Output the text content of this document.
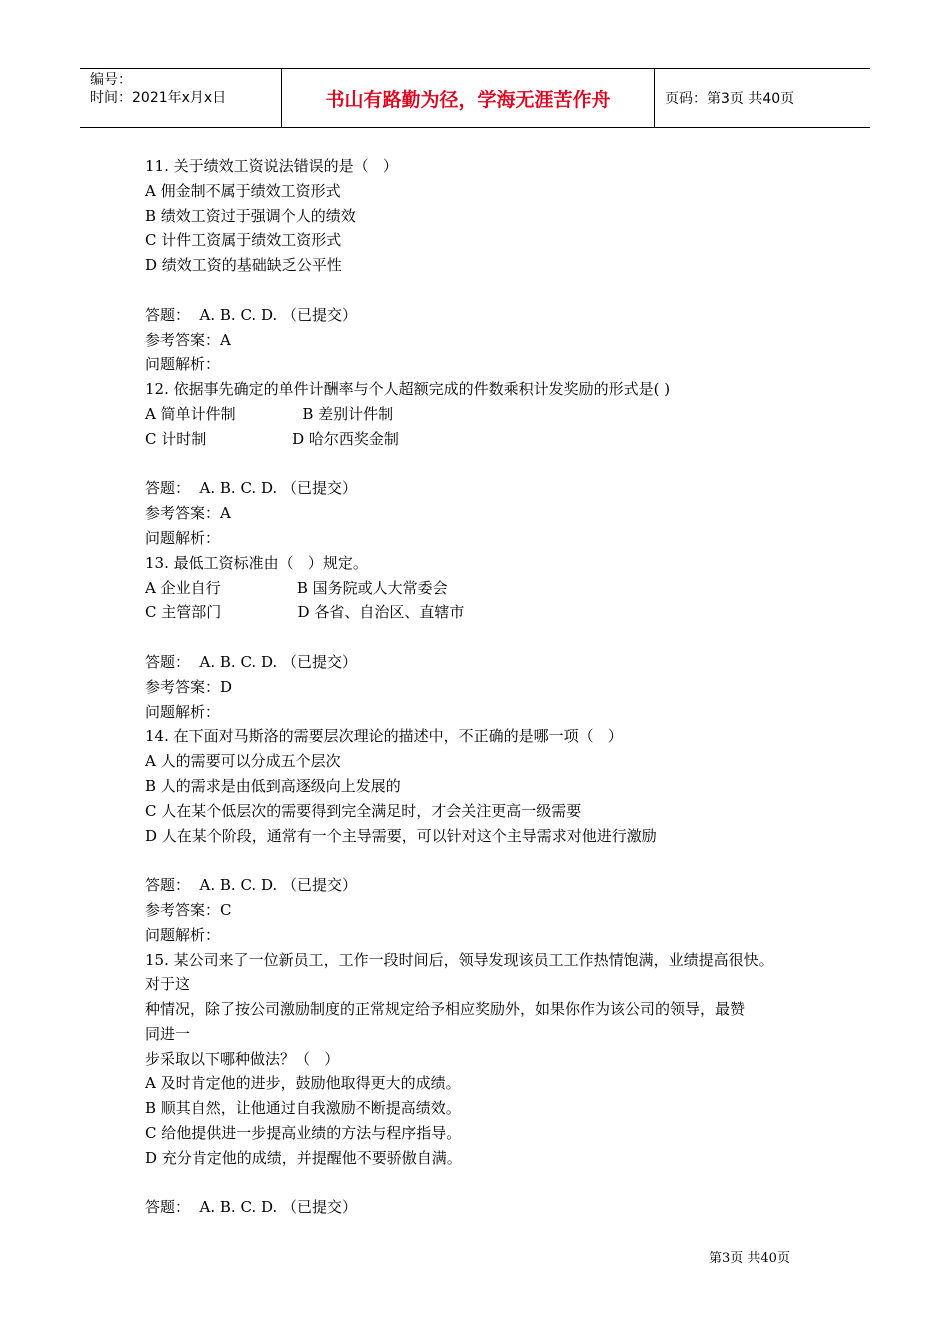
编号：
时间：2021年x月x日	书山有路勤为径，学海无涯苦作舟	页码：第3页 共40页
11. 关于绩效工资说法错误的是（   ）
A 佣金制不属于绩效工资形式
B 绩效工资过于强调个人的绩效
C 计件工资属于绩效工资形式
D 绩效工资的基础缺乏公平性
答题：  A. B. C. D. （已提交）
参考答案：A
问题解析：
12. 依据事先确定的单件计酬率与个人超额完成的件数乘积计发奖励的形式是( )
A 简单计件制              B 差别计件制
C 计时制                  D 哈尔西奖金制
答题：  A. B. C. D. （已提交）
参考答案：A
问题解析：
13. 最低工资标准由（   ）规定。
A 企业自行                B 国务院或人大常委会
C 主管部门                D 各省、自治区、直辖市
答题：  A. B. C. D. （已提交）
参考答案：D
问题解析：
14. 在下面对马斯洛的需要层次理论的描述中，不正确的是哪一项（   ）
A 人的需要可以分成五个层次
B 人的需求是由低到高逐级向上发展的
C 人在某个低层次的需要得到完全满足时，才会关注更高一级需要
D 人在某个阶段，通常有一个主导需要，可以针对这个主导需求对他进行激励
答题：  A. B. C. D. （已提交）
参考答案：C
问题解析：
15. 某公司来了一位新员工，工作一段时间后，领导发现该员工工作热情饱满，业绩提高很快。
对于这
种情况，除了按公司激励制度的正常规定给予相应奖励外，如果你作为该公司的领导，最赞
同进一
步采取以下哪种做法？（   ）
A 及时肯定他的进步，鼓励他取得更大的成绩。
B 顺其自然，让他通过自我激励不断提高绩效。
C 给他提供进一步提高业绩的方法与程序指导。
D 充分肯定他的成绩，并提醒他不要骄傲自满。
答题：  A. B. C. D. （已提交）
第3页 共40页
